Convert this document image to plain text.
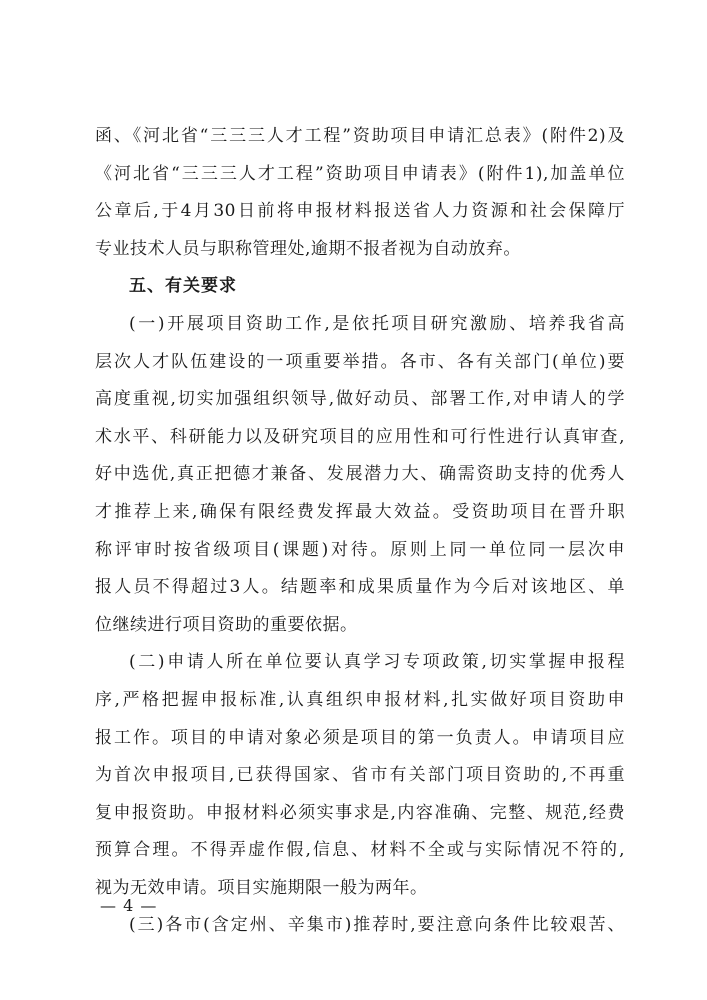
函、《河北省“三三三人才工程”资助项目申请汇总表》(附件2)及
《河北省“三三三人才工程”资助项目申请表》(附件1),加盖单位
公章后,于4月30日前将申报材料报送省人力资源和社会保障厅
专业技术人员与职称管理处,逾期不报者视为自动放弃。
五、有关要求
(一)开展项目资助工作,是依托项目研究激励、培养我省高
层次人才队伍建设的一项重要举措。各市、各有关部门(单位)要
高度重视,切实加强组织领导,做好动员、部署工作,对申请人的学
术水平、科研能力以及研究项目的应用性和可行性进行认真审查,
好中选优,真正把德才兼备、发展潜力大、确需资助支持的优秀人
才推荐上来,确保有限经费发挥最大效益。受资助项目在晋升职
称评审时按省级项目(课题)对待。原则上同一单位同一层次申
报人员不得超过3人。结题率和成果质量作为今后对该地区、单
位继续进行项目资助的重要依据。
(二)申请人所在单位要认真学习专项政策,切实掌握申报程
序,严格把握申报标准,认真组织申报材料,扎实做好项目资助申
报工作。项目的申请对象必须是项目的第一负责人。申请项目应
为首次申报项目,已获得国家、省市有关部门项目资助的,不再重
复申报资助。申报材料必须实事求是,内容准确、完整、规范,经费
预算合理。不得弄虚作假,信息、材料不全或与实际情况不符的,
视为无效申请。项目实施期限一般为两年。
(三)各市(含定州、辛集市)推荐时,要注意向条件比较艰苦、
— 4 —
